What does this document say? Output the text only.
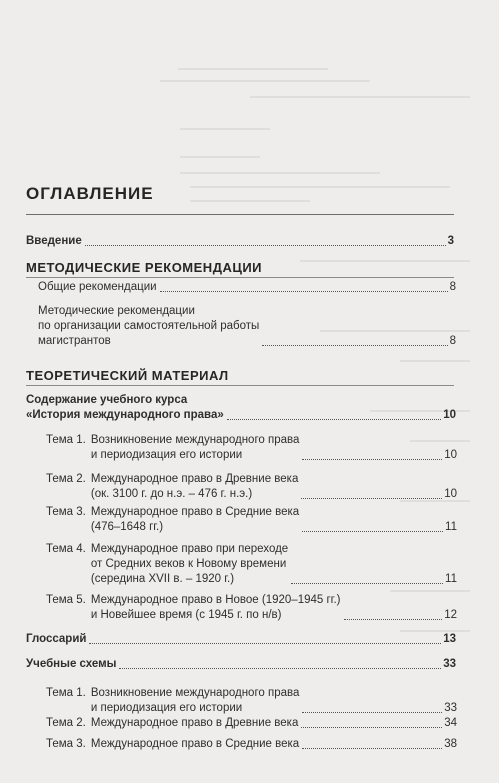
ОГЛАВЛЕНИЕ
Введение	3
МЕТОДИЧЕСКИЕ РЕКОМЕНДАЦИИ
Общие рекомендации	8
Методические рекомендации
по организации самостоятельной работы
магистрантов	8
ТЕОРЕТИЧЕСКИЙ МАТЕРИАЛ
Содержание учебного курса
«История международного права»	10
Тема 1. Возникновение международного права
и периодизация его истории	10
Тема 2. Международное право в Древние века
(ок. 3100 г. до н.э. – 476 г. н.э.)	10
Тема 3. Международное право в Средние века
(476–1648 гг.)	11
Тема 4. Международное право при переходе
от Средних веков к Новому времени
(середина XVII в. – 1920 г.)	11
Тема 5. Международное право в Новое (1920–1945 гг.)
и Новейшее время (с 1945 г. по н/в)	12
Глоссарий	13
Учебные схемы	33
Тема 1. Возникновение международного права
и периодизация его истории	33
Тема 2. Международное право в Древние века	34
Тема 3. Международное право в Средние века	38
